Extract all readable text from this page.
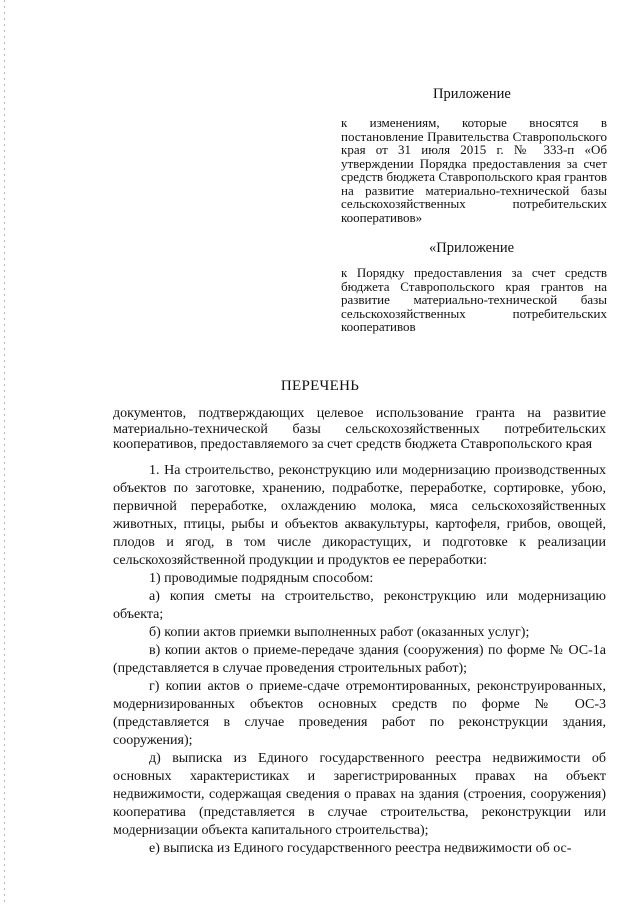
Приложение

к изменениям, которые вносятся в постановление Правительства Ставропольского края от 31 июля 2015 г. № 333-п «Об утверждении Порядка предоставления за счет средств бюджета Ставропольского края грантов на развитие материально-технической базы сельскохозяйственных потребительских кооперативов»

«Приложение

к Порядку предоставления за счет средств бюджета Ставропольского края грантов на развитие материально-технической базы сельскохозяйственных потребительских кооперативов

ПЕРЕЧЕНЬ

документов, подтверждающих целевое использование гранта на развитие материально-технической базы сельскохозяйственных потребительских кооперативов, предоставляемого за счет средств бюджета Ставропольского края

1. На строительство, реконструкцию или модернизацию производственных объектов по заготовке, хранению, подработке, переработке, сортировке, убою, первичной переработке, охлаждению молока, мяса сельскохозяйственных животных, птицы, рыбы и объектов аквакультуры, картофеля, грибов, овощей, плодов и ягод, в том числе дикорастущих, и подготовке к реализации сельскохозяйственной продукции и продуктов ее переработки:

1) проводимые подрядным способом:

а) копия сметы на строительство, реконструкцию или модернизацию объекта;

б) копии актов приемки выполненных работ (оказанных услуг);

в) копии актов о приеме-передаче здания (сооружения) по форме № ОС-1а (представляется в случае проведения строительных работ);

г) копии актов о приеме-сдаче отремонтированных, реконструированных, модернизированных объектов основных средств по форме № ОС-3 (представляется в случае проведения работ по реконструкции здания, сооружения);

д) выписка из Единого государственного реестра недвижимости об основных характеристиках и зарегистрированных правах на объект недвижимости, содержащая сведения о правах на здания (строения, сооружения) кооператива (представляется в случае строительства, реконструкции или модернизации объекта капитального строительства);

е) выписка из Единого государственного реестра недвижимости об ос-
